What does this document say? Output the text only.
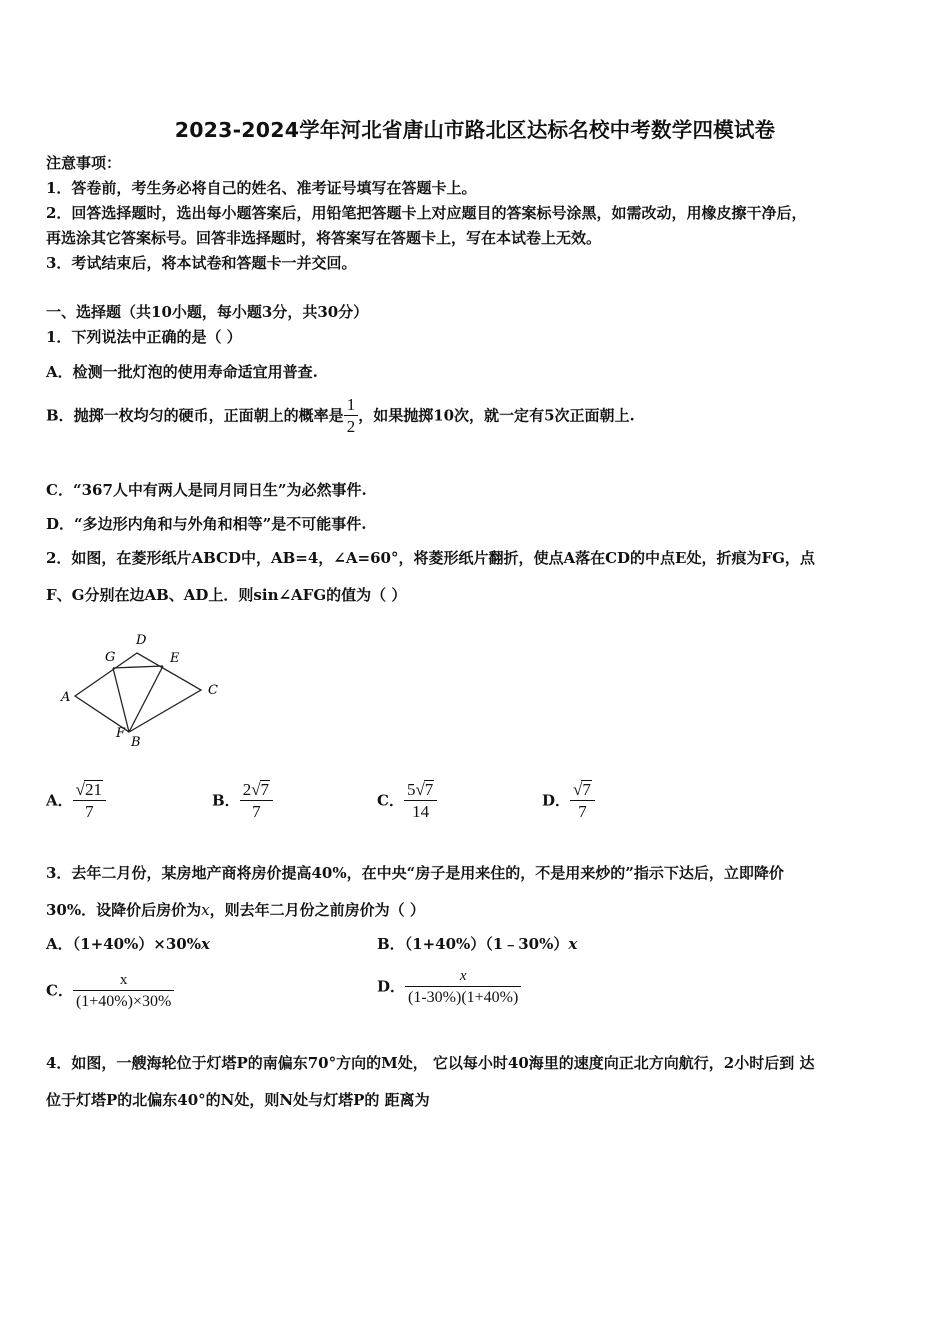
2023-2024学年河北省唐山市路北区达标名校中考数学四模试卷
注意事项：
1．答卷前，考生务必将自己的姓名、准考证号填写在答题卡上。
2．回答选择题时，选出每小题答案后，用铅笔把答题卡上对应题目的答案标号涂黑，如需改动，用橡皮擦干净后，
再选涂其它答案标号。回答非选择题时，将答案写在答题卡上，写在本试卷上无效。
3．考试结束后，将本试卷和答题卡一并交回。
一、选择题（共10小题，每小题3分，共30分）
1．下列说法中正确的是（ ）
A．检测一批灯泡的使用寿命适宜用普查.
B．抛掷一枚均匀的硬币，正面朝上的概率是 $\frac{1}{2}$ ，如果抛掷10次，就一定有5次正面朝上.
C．“367人中有两人是同月同日生”为必然事件.
D．“多边形内角和与外角和相等”是不可能事件.
2．如图，在菱形纸片ABCD中，AB=4，∠A=60°，将菱形纸片翻折，使点A落在CD的中点E处，折痕为FG，点
F、G分别在边AB、AD上．则sin∠AFG的值为（ ）
A
D
G	E
C
F
B
A． $\frac{√21}{7}$	B． $\frac{2√7}{7}$	C． $\frac{5√7}{14}$	D． $\frac{√7}{7}$
3．去年二月份，某房地产商将房价提高40%，在中央“房子是用来住的，不是用来炒的”指示下达后，立即降价
30%．设降价后房价为x，则去年二月份之前房价为（ ）
A．（1+40%）×30%x	B．（1+40%）（1﹣30%）x
C． $\frac{x}{(1+40\%)\times 30\%}$	D． $\frac{x}{(1-30\%)(1+40\%)}$
4．如图，一艘海轮位于灯塔P的南偏东70°方向的M处， 它以每小时40海里的速度向正北方向航行，2小时后到 达
位于灯塔P的北偏东40°的N处，则N处与灯塔P的 距离为
